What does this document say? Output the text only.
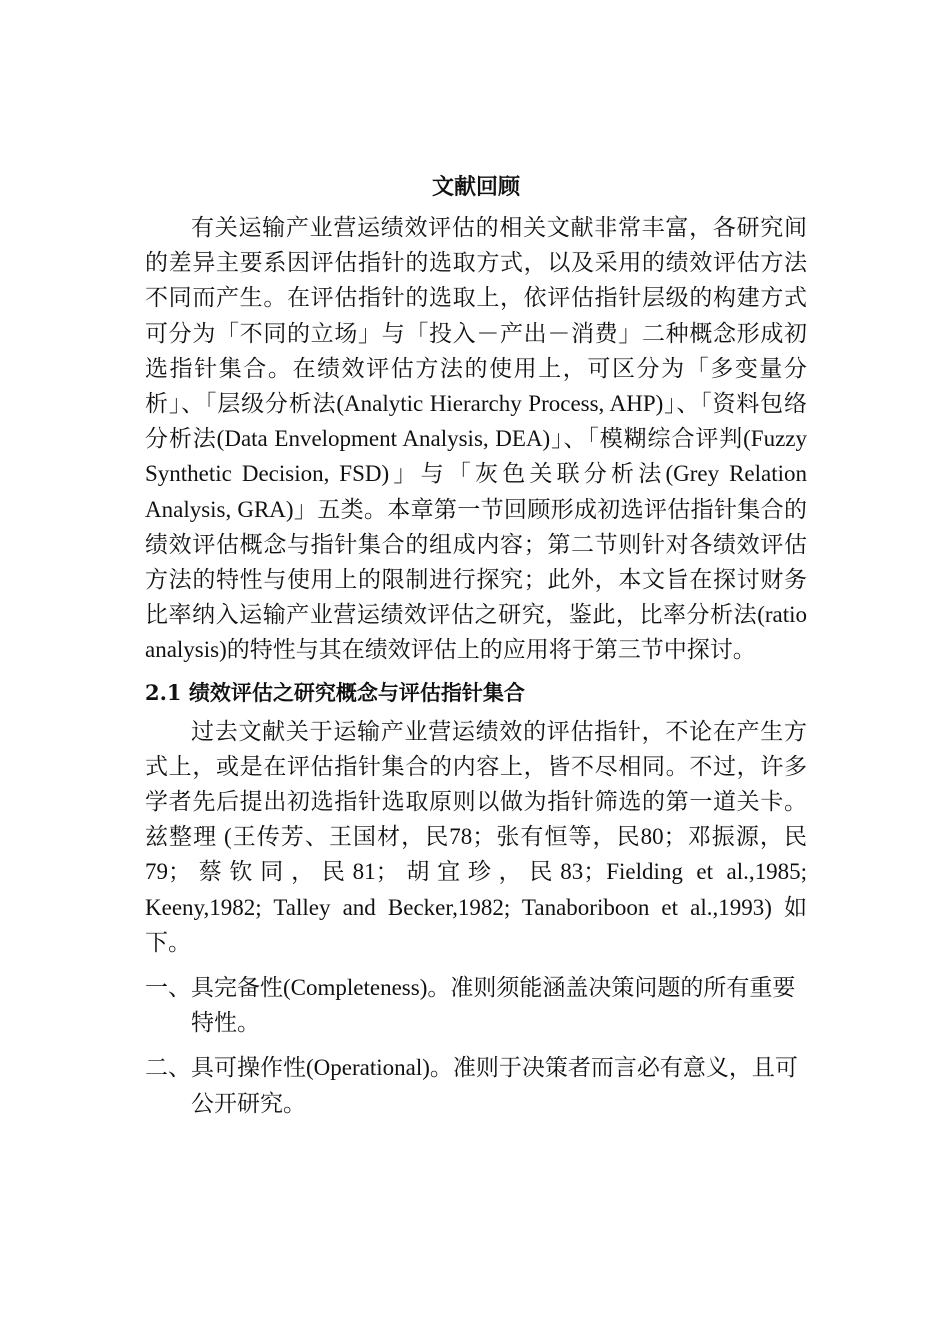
文献回顾

有关运输产业营运绩效评估的相关文献非常丰富，各研究间的差异主要系因评估指针的选取方式，以及采用的绩效评估方法不同而产生。在评估指针的选取上，依评估指针层级的构建方式可分为「不同的立场」与「投入－产出－消费」二种概念形成初选指针集合。在绩效评估方法的使用上，可区分为「多变量分析」、「层级分析法(Analytic Hierarchy Process, AHP)」、「资料包络分析法(Data Envelopment Analysis, DEA)」、「模糊综合评判(Fuzzy Synthetic Decision, FSD)」与「灰色关联分析法(Grey Relation Analysis, GRA)」五类。本章第一节回顾形成初选评估指针集合的绩效评估概念与指针集合的组成内容；第二节则针对各绩效评估方法的特性与使用上的限制进行探究；此外，本文旨在探讨财务比率纳入运输产业营运绩效评估之研究，鉴此，比率分析法(ratio analysis)的特性与其在绩效评估上的应用将于第三节中探讨。

2.1 绩效评估之研究概念与评估指针集合

过去文献关于运输产业营运绩效的评估指针，不论在产生方式上，或是在评估指针集合的内容上，皆不尽相同。不过，许多学者先后提出初选指针选取原则以做为指针筛选的第一道关卡。兹整理 (王传芳、王国材，民78；张有恒等，民80；邓振源，民79；蔡钦同，民81；胡宜珍，民83；Fielding et al.,1985; Keeny,1982; Talley and Becker,1982; Tanaboriboon et al.,1993) 如下。

一、具完备性(Completeness)。准则须能涵盖决策问题的所有重要特性。
二、具可操作性(Operational)。准则于决策者而言必有意义，且可公开研究。
